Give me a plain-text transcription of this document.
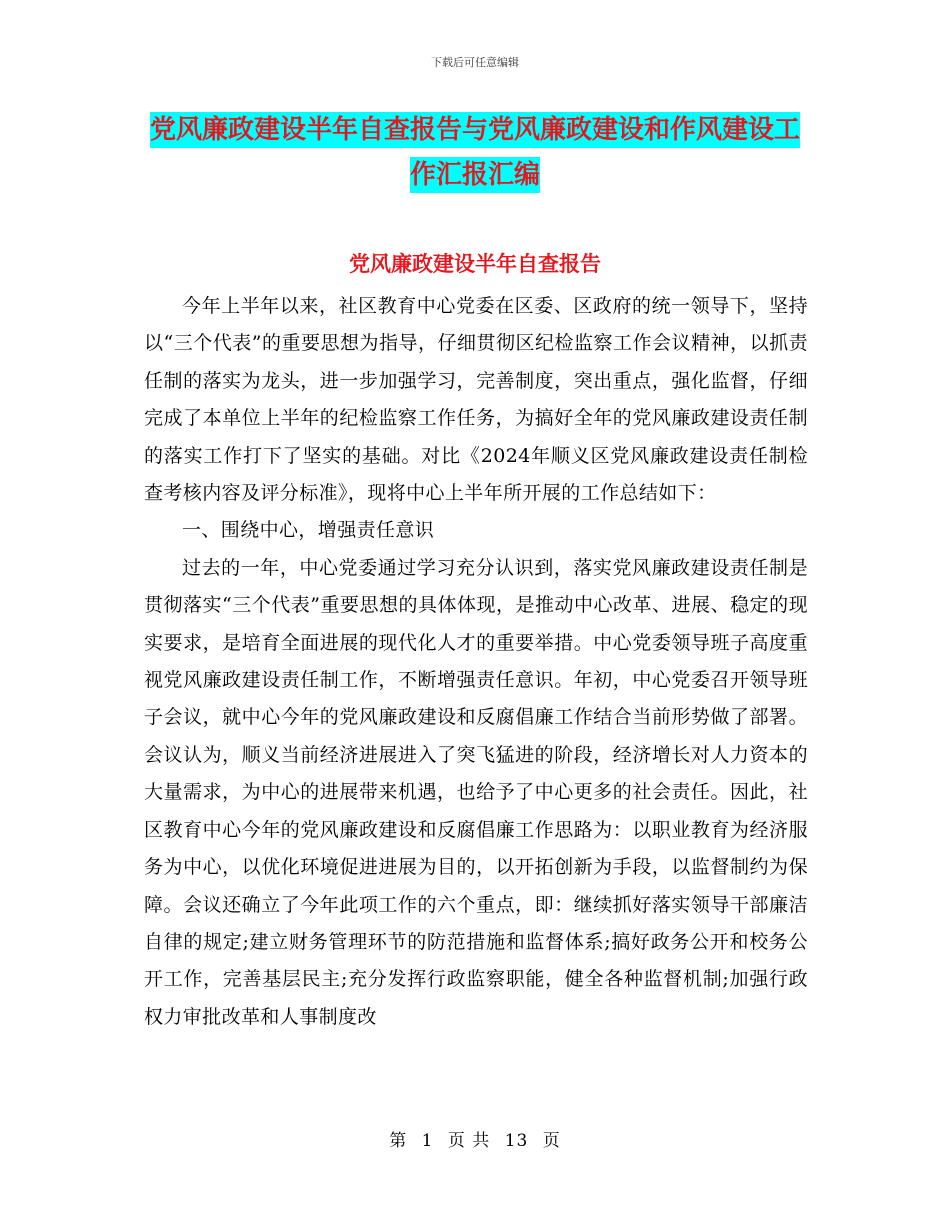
下载后可任意编辑
党风廉政建设半年自查报告与党风廉政建设和作风建设工作汇报汇编
党风廉政建设半年自查报告

今年上半年以来，社区教育中心党委在区委、区政府的统一领导下，坚持以“三个代表”的重要思想为指导，仔细贯彻区纪检监察工作会议精神，以抓责任制的落实为龙头，进一步加强学习，完善制度，突出重点，强化监督，仔细完成了本单位上半年的纪检监察工作任务，为搞好全年的党风廉政建设责任制的落实工作打下了坚实的基础。对比《2024年顺义区党风廉政建设责任制检查考核内容及评分标准》，现将中心上半年所开展的工作总结如下：

一、围绕中心，增强责任意识

过去的一年，中心党委通过学习充分认识到，落实党风廉政建设责任制是贯彻落实“三个代表”重要思想的具体体现，是推动中心改革、进展、稳定的现实要求，是培育全面进展的现代化人才的重要举措。中心党委领导班子高度重视党风廉政建设责任制工作，不断增强责任意识。年初，中心党委召开领导班子会议，就中心今年的党风廉政建设和反腐倡廉工作结合当前形势做了部署。会议认为，顺义当前经济进展进入了突飞猛进的阶段，经济增长对人力资本的大量需求，为中心的进展带来机遇，也给予了中心更多的社会责任。因此，社区教育中心今年的党风廉政建设和反腐倡廉工作思路为：以职业教育为经济服务为中心，以优化环境促进进展为目的，以开拓创新为手段，以监督制约为保障。会议还确立了今年此项工作的六个重点，即：继续抓好落实领导干部廉洁自律的规定;建立财务管理环节的防范措施和监督体系;搞好政务公开和校务公开工作，完善基层民主;充分发挥行政监察职能，健全各种监督机制;加强行政权力审批改革和人事制度改

第 1 页 共 13 页
